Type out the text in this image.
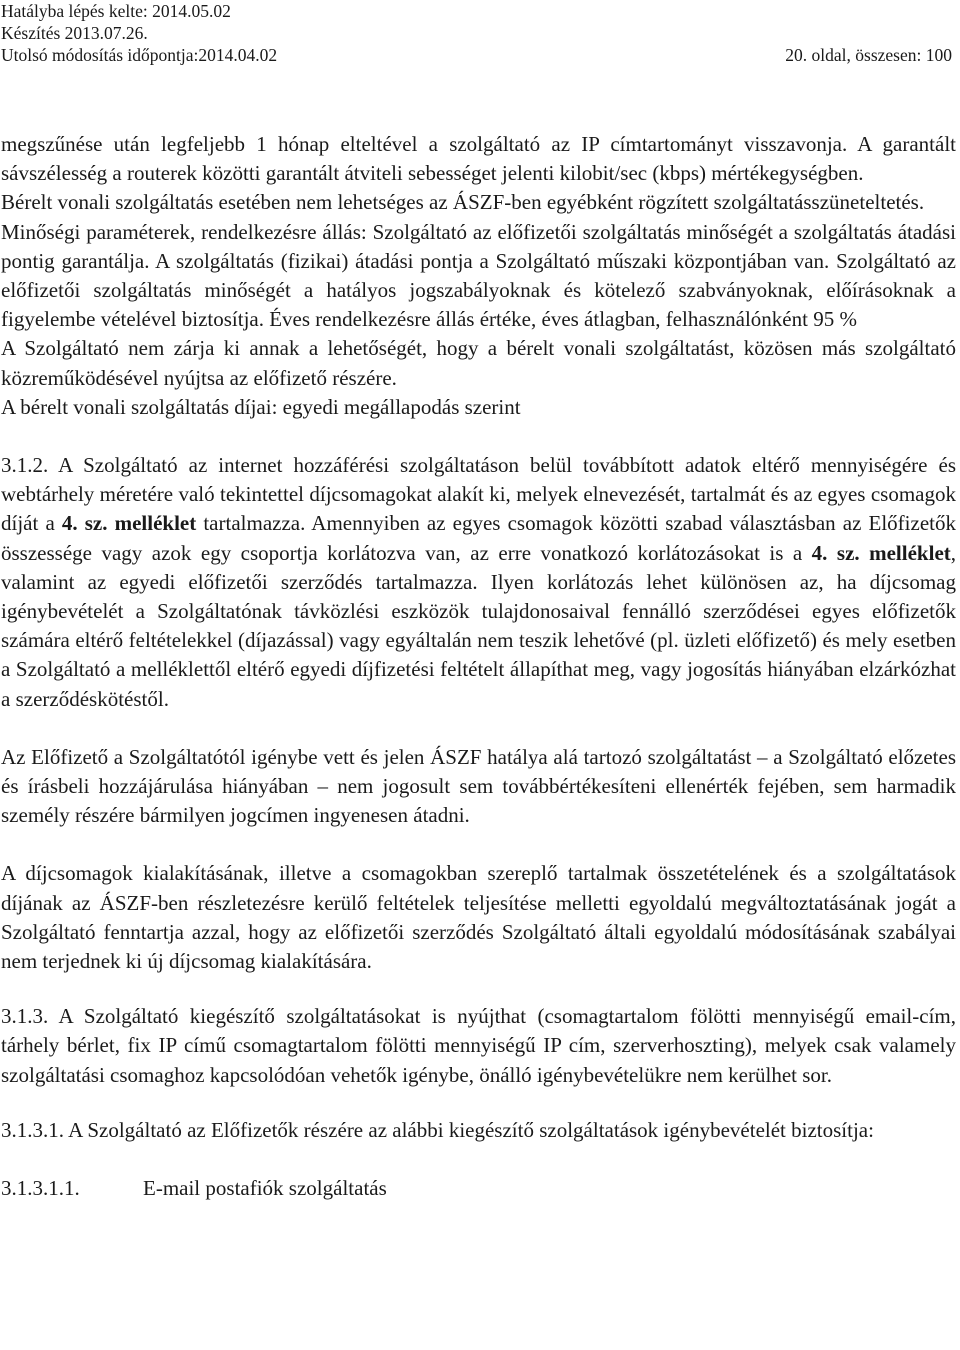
Hatályba lépés kelte: 2014.05.02
Készítés 2013.07.26.
Utolsó módosítás időpontja:2014.04.02	20. oldal, összesen: 100

megszűnése után legfeljebb 1 hónap elteltével a szolgáltató az IP címtartományt visszavonja. A garantált sávszélesség a routerek közötti garantált átviteli sebességet jelenti kilobit/sec (kbps) mértékegységben.

Bérelt vonali szolgáltatás esetében nem lehetséges az ÁSZF-ben egyébként rögzített szolgáltatásszüneteltetés.

Minőségi paraméterek, rendelkezésre állás: Szolgáltató az előfizetői szolgáltatás minőségét a szolgáltatás átadási pontig garantálja. A szolgáltatás (fizikai) átadási pontja a Szolgáltató műszaki központjában van. Szolgáltató az előfizetői szolgáltatás minőségét a hatályos jogszabályoknak és kötelező szabványoknak, előírásoknak a figyelembe vételével biztosítja. Éves rendelkezésre állás értéke, éves átlagban, felhasználónként 95 %

A Szolgáltató nem zárja ki annak a lehetőségét, hogy a bérelt vonali szolgáltatást, közösen más szolgáltató közreműködésével nyújtsa az előfizető részére.

A bérelt vonali szolgáltatás díjai: egyedi megállapodás szerint

3.1.2. A Szolgáltató az internet hozzáférési szolgáltatáson belül továbbított adatok eltérő mennyiségére és webtárhely méretére való tekintettel díjcsomagokat alakít ki, melyek elnevezését, tartalmát és az egyes csomagok díját a 4. sz. melléklet tartalmazza. Amennyiben az egyes csomagok közötti szabad választásban az Előfizetők összessége vagy azok egy csoportja korlátozva van, az erre vonatkozó korlátozásokat is a 4. sz. melléklet, valamint az egyedi előfizetői szerződés tartalmazza. Ilyen korlátozás lehet különösen az, ha díjcsomag igénybevételét a Szolgáltatónak távközlési eszközök tulajdonosaival fennálló szerződései egyes előfizetők számára eltérő feltételekkel (díjazással) vagy egyáltalán nem teszik lehetővé (pl. üzleti előfizető) és mely esetben a Szolgáltató a melléklettől eltérő egyedi díjfizetési feltételt állapíthat meg, vagy jogosítás hiányában elzárkózhat a szerződéskötéstől.

Az Előfizető a Szolgáltatótól igénybe vett és jelen ÁSZF hatálya alá tartozó szolgáltatást – a Szolgáltató előzetes és írásbeli hozzájárulása hiányában – nem jogosult sem továbbértékesíteni ellenérték fejében, sem harmadik személy részére bármilyen jogcímen ingyenesen átadni.

A díjcsomagok kialakításának, illetve a csomagokban szereplő tartalmak összetételének és a szolgáltatások díjának az ÁSZF-ben részletezésre kerülő feltételek teljesítése melletti egyoldalú megváltoztatásának jogát a Szolgáltató fenntartja azzal, hogy az előfizetői szerződés Szolgáltató általi egyoldalú módosításának szabályai nem terjednek ki új díjcsomag kialakítására.

3.1.3. A Szolgáltató kiegészítő szolgáltatásokat is nyújthat (csomagtartalom fölötti mennyiségű email-cím, tárhely bérlet, fix IP című csomagtartalom fölötti mennyiségű IP cím, szerverhoszting), melyek csak valamely szolgáltatási csomaghoz kapcsolódóan vehetők igénybe, önálló igénybevételükre nem kerülhet sor.

3.1.3.1. A Szolgáltató az Előfizetők részére az alábbi kiegészítő szolgáltatások igénybevételét biztosítja:

3.1.3.1.1.	E-mail postafiók szolgáltatás
